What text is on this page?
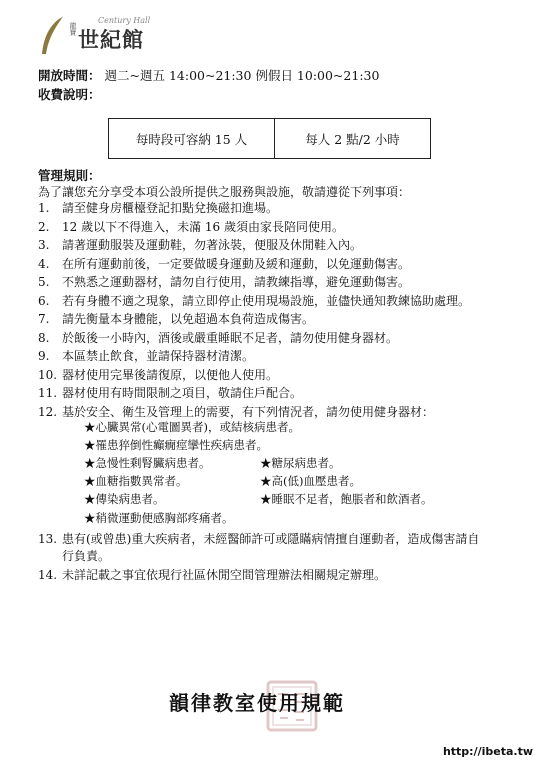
龍寶
Century Hall
世紀館
開放時間： 週二~週五 14:00~21:30 例假日 10:00~21:30
收費說明：
每時段可容納 15 人	每人 2 點/2 小時
管理規則：
為了讓您充分享受本項公設所提供之服務與設施，敬請遵從下列事項：
1. 請至健身房櫃檯登記扣點兌換磁扣進場。
2. 12 歲以下不得進入，未滿 16 歲須由家長陪同使用。
3. 請著運動服裝及運動鞋，勿著泳裝，便服及休閒鞋入內。
4. 在所有運動前後，一定要做暖身運動及緩和運動，以免運動傷害。
5. 不熟悉之運動器材，請勿自行使用，請教練指導，避免運動傷害。
6. 若有身體不適之現象，請立即停止使用現場設施，並儘快通知教練協助處理。
7. 請先衡量本身體能，以免超過本負荷造成傷害。
8. 於飯後一小時內，酒後或嚴重睡眠不足者，請勿使用健身器材。
9. 本區禁止飲食，並請保持器材清潔。
10. 器材使用完畢後請復原，以便他人使用。
11. 器材使用有時間限制之項目，敬請住戶配合。
12. 基於安全、衛生及管理上的需要，有下列情況者，請勿使用健身器材：
★心臟異常(心電圖異者)，或結核病患者。
★罹患猝倒性癲癇痙攣性疾病患者。
★急慢性剩腎臟病患者。	★糖尿病患者。
★血糖指數異常者。	★高(低)血壓患者。
★傳染病患者。	★睡眠不足者，飽脹者和飲酒者。
★稍微運動便感胸部疼痛者。
13. 患有(或曾患)重大疾病者，未經醫師許可或隱瞞病情擅自運動者，造成傷害請自
行負責。
14. 未詳記載之事宜依現行社區休閒空間管理辦法相關規定辦理。
韻律教室使用規範
http://ibeta.tw
